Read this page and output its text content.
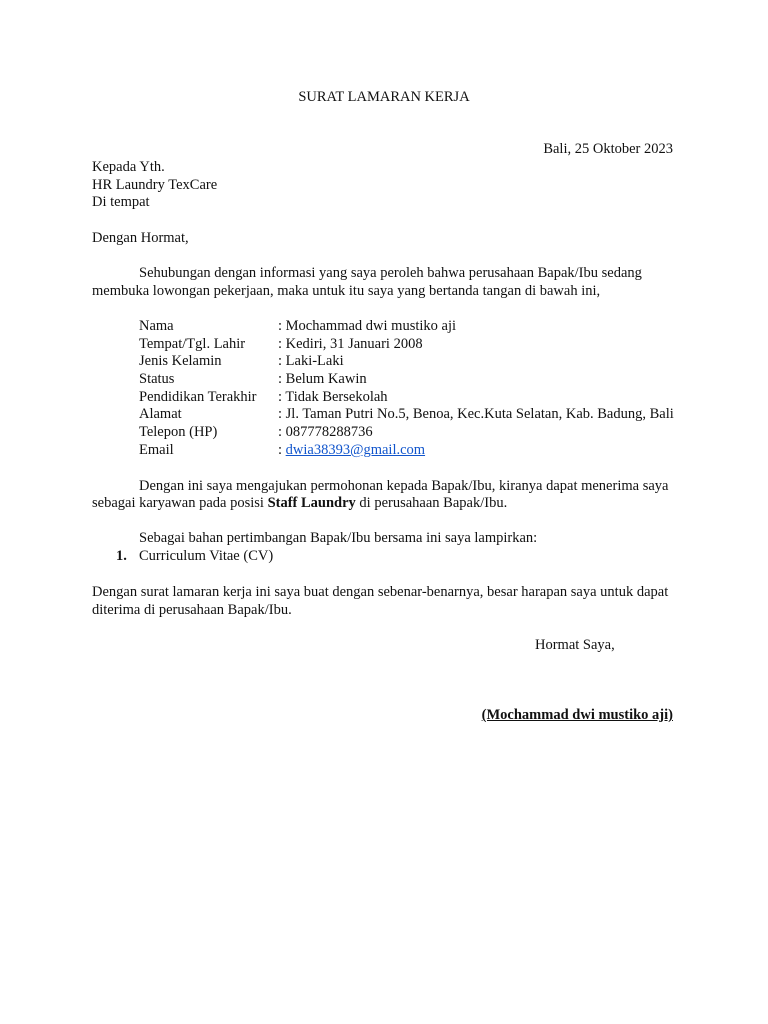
SURAT LAMARAN KERJA
Bali, 25 Oktober 2023
Kepada Yth.
HR Laundry TexCare
Di tempat
Dengan Hormat,
Sehubungan dengan informasi yang saya peroleh bahwa perusahaan Bapak/Ibu sedang
membuka lowongan pekerjaan, maka untuk itu saya yang bertanda tangan di bawah ini,
Nama	: Mochammad dwi mustiko aji
Tempat/Tgl. Lahir : Kediri, 31 Januari 2008
Jenis Kelamin	: Laki-Laki
Status	: Belum Kawin
Pendidikan Terakhir : Tidak Bersekolah
Alamat	: Jl. Taman Putri No.5, Benoa, Kec.Kuta Selatan, Kab. Badung, Bali
Telepon (HP)	: 087778288736
Email	: dwia38393@gmail.com
Dengan ini saya mengajukan permohonan kepada Bapak/Ibu, kiranya dapat menerima saya
sebagai karyawan pada posisi Staff Laundry di perusahaan Bapak/Ibu.
Sebagai bahan pertimbangan Bapak/Ibu bersama ini saya lampirkan:
1. Curriculum Vitae (CV)
Dengan surat lamaran kerja ini saya buat dengan sebenar-benarnya, besar harapan saya untuk dapat
diterima di perusahaan Bapak/Ibu.
Hormat Saya,
(Mochammad dwi mustiko aji)
